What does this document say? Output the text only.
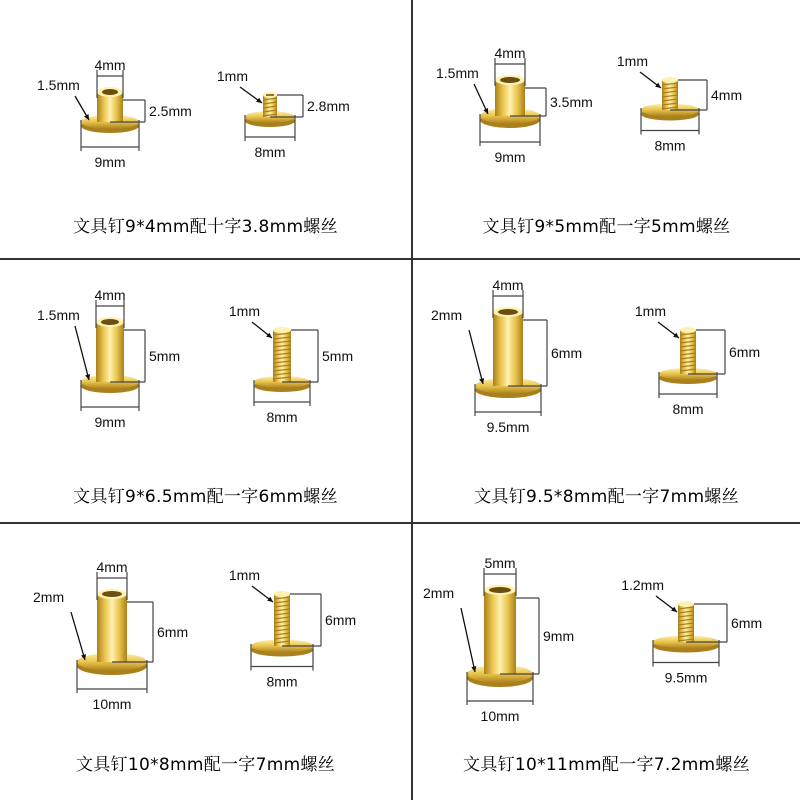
4mm
1.5mm
2.5mm
9mm
1mm
2.8mm
8mm
文具钉9*4mm配十字3.8mm螺丝
4mm
1.5mm
3.5mm
9mm
1mm
4mm
8mm
文具钉9*5mm配一字5mm螺丝
4mm
1.5mm
5mm
9mm
1mm
5mm
8mm
文具钉9*6.5mm配一字6mm螺丝
4mm
2mm
6mm
9.5mm
1mm
6mm
8mm
文具钉9.5*8mm配一字7mm螺丝
4mm
2mm
6mm
10mm
1mm
6mm
8mm
文具钉10*8mm配一字7mm螺丝
5mm
2mm
9mm
10mm
1.2mm
6mm
9.5mm
文具钉10*11mm配一字7.2mm螺丝
